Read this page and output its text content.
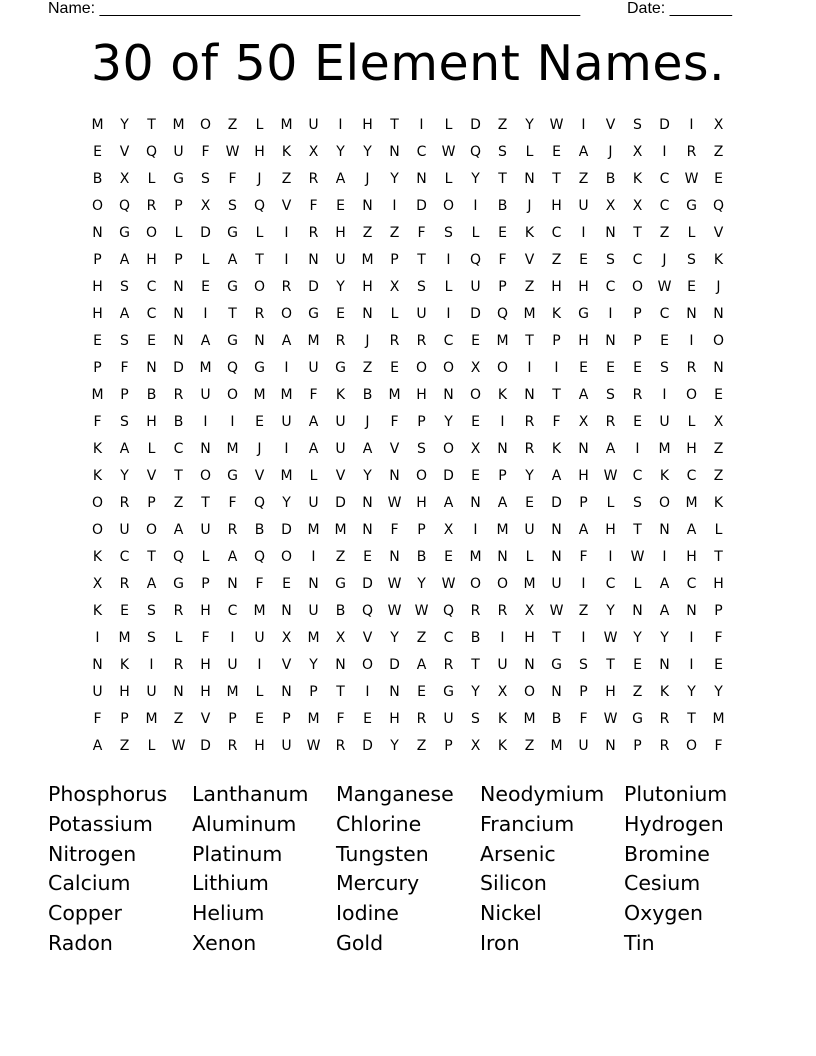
Name: ______________________________________________________	Date: _______
30 of 50 Element Names.
M	Y	T	M	O	Z	L	M	U	I	H	T	I	L	D	Z	Y	W	I	V	S	D	I	X
E	V	Q	U	F	W	H	K	X	Y	Y	N	C	W	Q	S	L	E	A	J	X	I	R	Z
B	X	L	G	S	F	J	Z	R	A	J	Y	N	L	Y	T	N	T	Z	B	K	C	W	E
O	Q	R	P	X	S	Q	V	F	E	N	I	D	O	I	B	J	H	U	X	X	C	G	Q
N	G	O	L	D	G	L	I	R	H	Z	Z	F	S	L	E	K	C	I	N	T	Z	L	V
P	A	H	P	L	A	T	I	N	U	M	P	T	I	Q	F	V	Z	E	S	C	J	S	K
H	S	C	N	E	G	O	R	D	Y	H	X	S	L	U	P	Z	H	H	C	O	W	E	J
H	A	C	N	I	T	R	O	G	E	N	L	U	I	D	Q	M	K	G	I	P	C	N	N
E	S	E	N	A	G	N	A	M	R	J	R	R	C	E	M	T	P	H	N	P	E	I	O
P	F	N	D	M	Q	G	I	U	G	Z	E	O	O	X	O	I	I	E	E	E	S	R	N
M	P	B	R	U	O	M	M	F	K	B	M	H	N	O	K	N	T	A	S	R	I	O	E
F	S	H	B	I	I	E	U	A	U	J	F	P	Y	E	I	R	F	X	R	E	U	L	X
K	A	L	C	N	M	J	I	A	U	A	V	S	O	X	N	R	K	N	A	I	M	H	Z
K	Y	V	T	O	G	V	M	L	V	Y	N	O	D	E	P	Y	A	H	W	C	K	C	Z
O	R	P	Z	T	F	Q	Y	U	D	N	W	H	A	N	A	E	D	P	L	S	O	M	K
O	U	O	A	U	R	B	D	M	M	N	F	P	X	I	M	U	N	A	H	T	N	A	L
K	C	T	Q	L	A	Q	O	I	Z	E	N	B	E	M	N	L	N	F	I	W	I	H	T
X	R	A	G	P	N	F	E	N	G	D	W	Y	W	O	O	M	U	I	C	L	A	C	H
K	E	S	R	H	C	M	N	U	B	Q	W W	Q	R	R	X	W	Z	Y	N	A	N	P
I	M	S	L	F	I	U	X	M	X	V	Y	Z	C	B	I	H	T	I	W	Y	Y	I	F
N	K	I	R	H	U	I	V	Y	N	O	D	A	R	T	U	N	G	S	T	E	N	I	E
U	H	U	N	H	M	L	N	P	T	I	N	E	G	Y	X	O	N	P	H	Z	K	Y	Y
F	P	M	Z	V	P	E	P	M	F	E	H	R	U	S	K	M	B	F	W	G	R	T	M
A	Z	L	W	D	R	H	U	W	R	D	Y	Z	P	X	K	Z	M	U	N	P	R	O	F
Phosphorus	Lanthanum	Manganese	Neodymium Plutonium
Potassium	Aluminum	Chlorine	Francium	Hydrogen
Nitrogen	Platinum	Tungsten	Arsenic	Bromine
Calcium	Lithium	Mercury	Silicon	Cesium
Copper	Helium	Iodine	Nickel	Oxygen
Radon	Xenon	Gold	Iron	Tin
